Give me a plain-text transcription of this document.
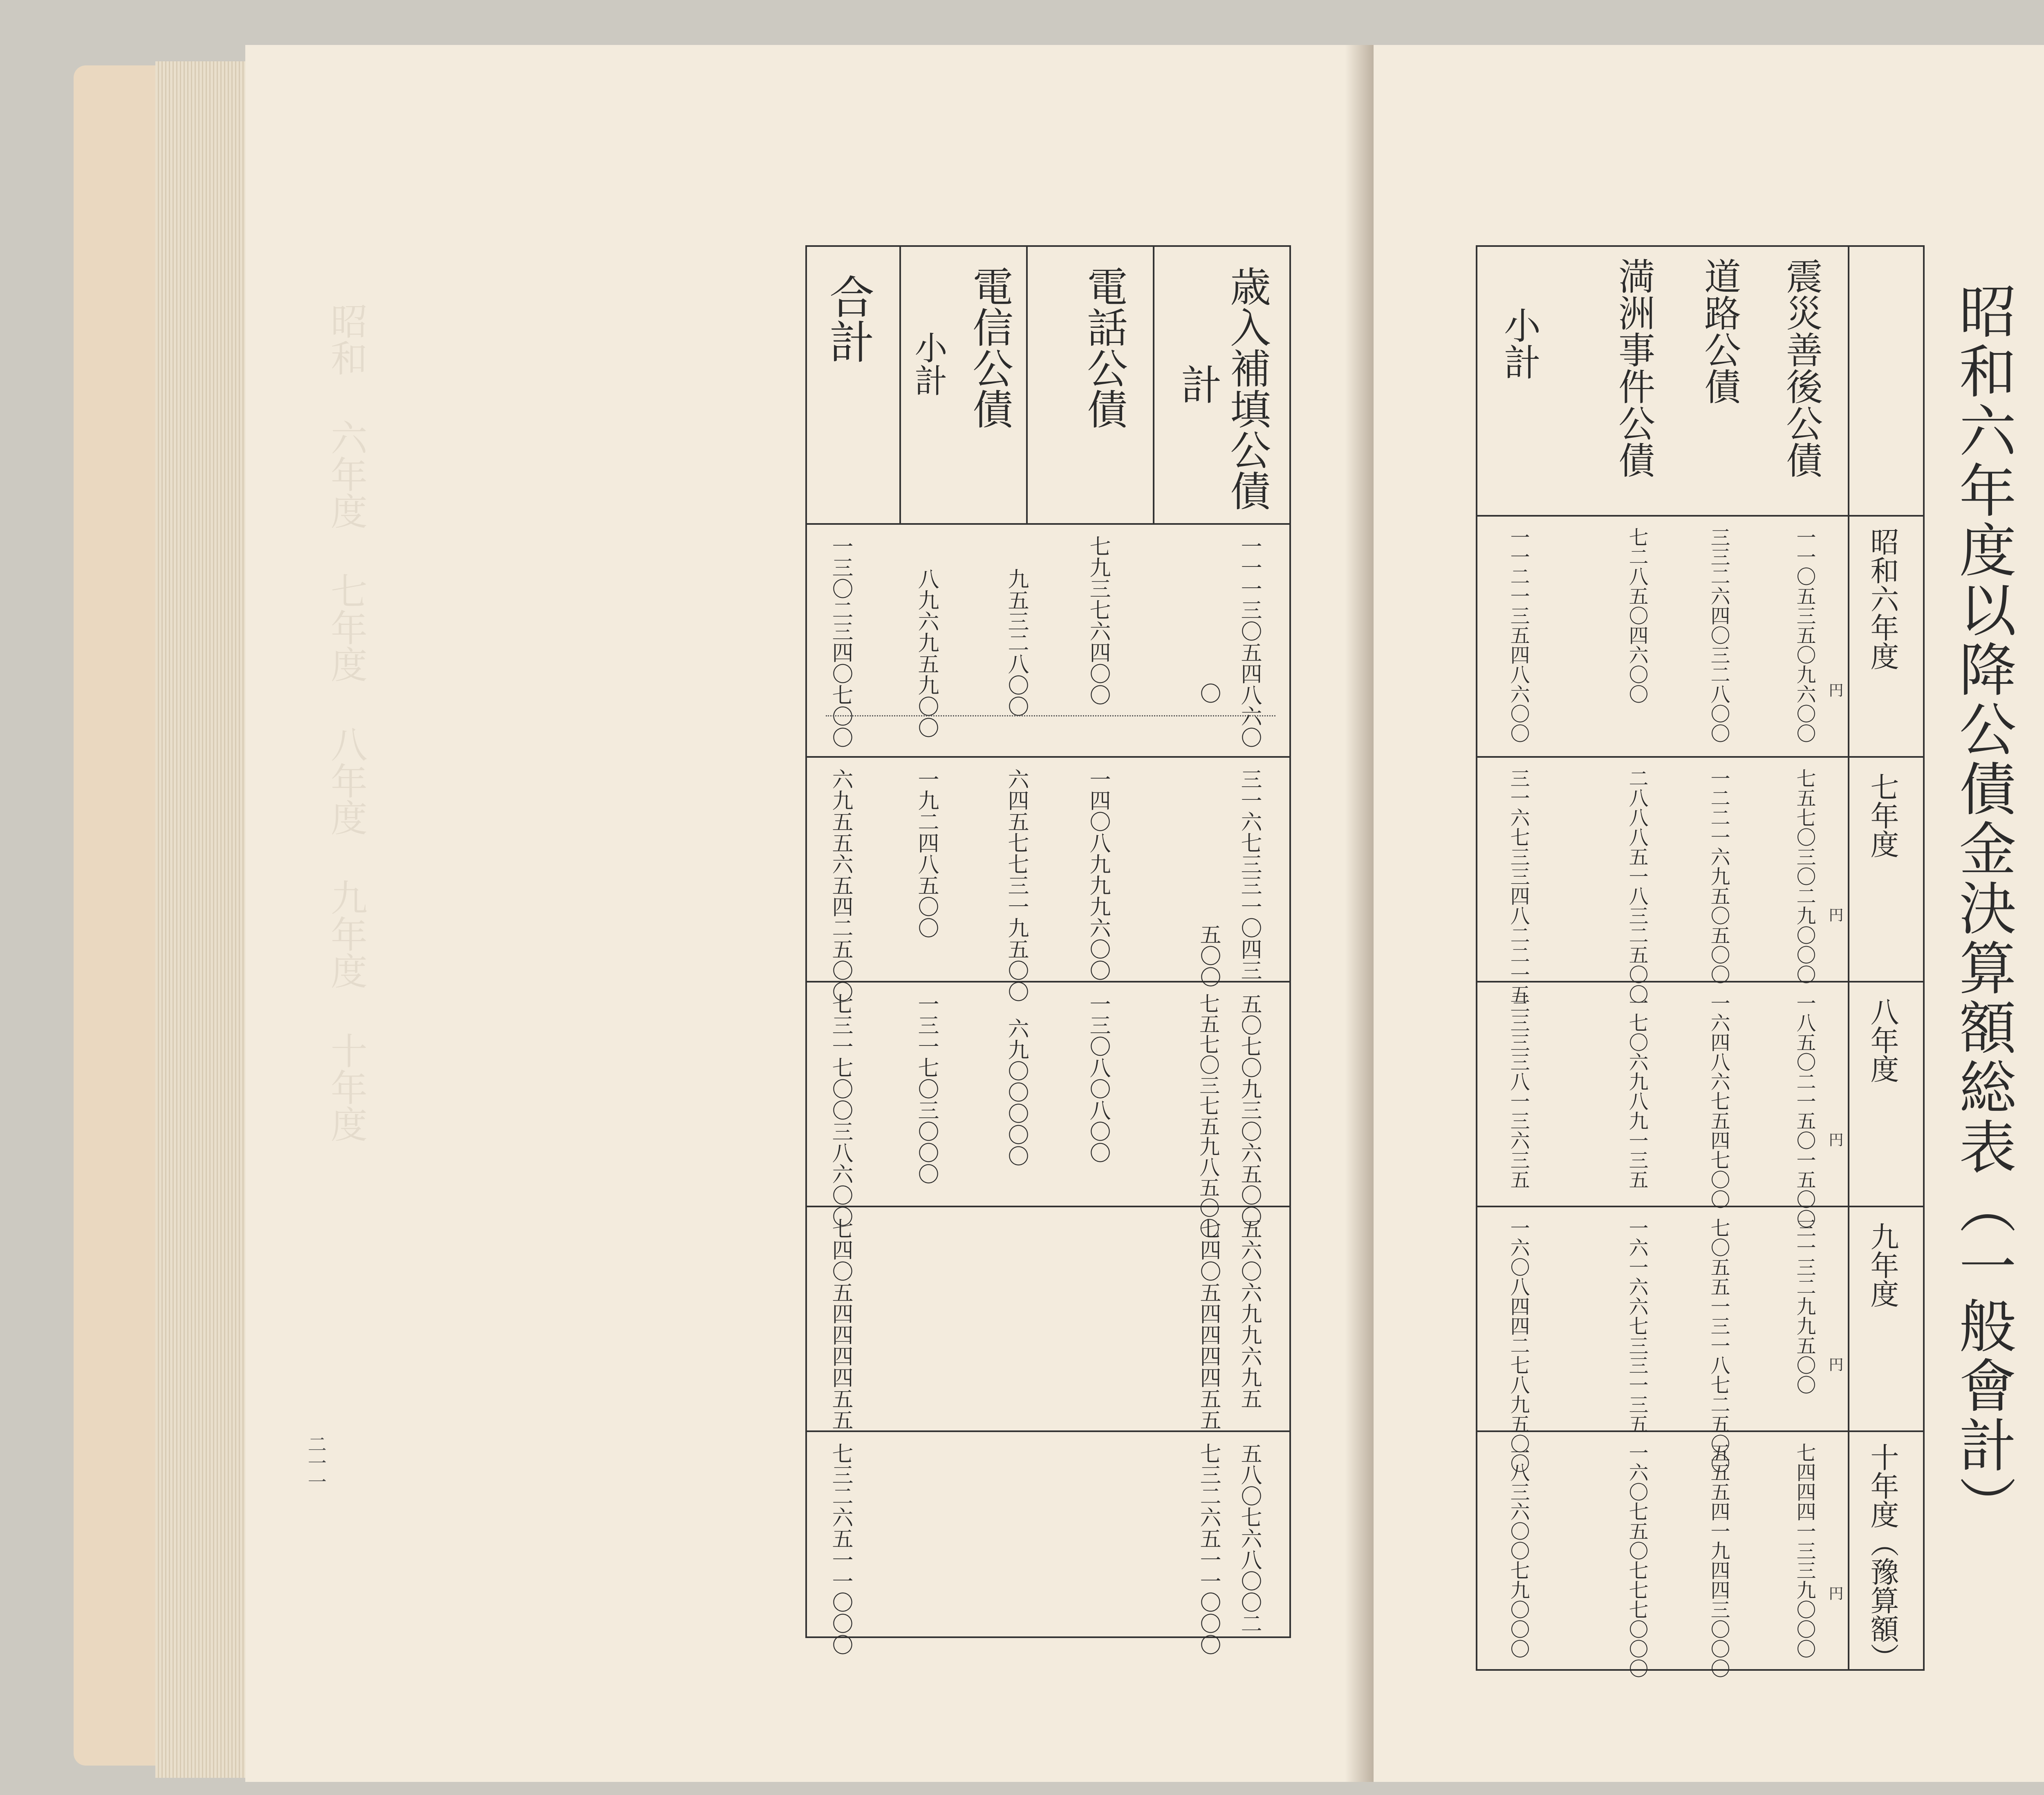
昭和 六年度 七年度 八年度 九年度 十年度	歳入補填公債
計
電話公債
電信公債
小計
合計
一一一三〇五四八六〇
〇
七九三七六四〇〇
九五三二八〇〇
八九六九五九〇〇
一三〇二三四〇七〇〇
三一六七三三一〇四三
五〇〇
一四〇八九九九六〇〇
六四五七七三一九五〇〇
一九二四八五〇〇
六九五五六五四二五〇〇
五〇七〇九三〇六五〇〇
七五七〇三七五九八五〇〇
一三〇八〇八〇〇
六九〇〇〇〇〇
一三一七〇三〇〇〇
七三一七〇〇三八六〇〇
五六〇六九九六九五
七四〇五四四四四五五
七四〇五四四四四五五
五八〇七六八〇〇二
七三二六五一一〇〇〇
七三二六五一一〇〇〇
二一一	昭和六年度以降公債金決算額総表（一般會計）
震災善後公債
道路公債
満洲事件公債
小計
昭和六年度
七年度
八年度
九年度
十年度（豫算額）
円
円
円
円
円
一一〇五三五〇九六〇〇
三三二六四〇三二八〇〇
七二八五〇四六〇〇
一一二一三五四八六〇〇
七五七〇三〇二九〇〇〇
一二二一六九五〇五〇〇
二八八八五一八三二五〇〇
三一六七三三四八二二一五
一八五〇二一五〇一五〇〇
一六四八六七五四七〇〇
一七〇六九八九一三五
三三三三八一三六三五
三一三二九九五〇〇
七〇五五一三一八七二五〇〇
一六一六六七三三一三五
一六〇八四四二七八九五〇〇
七四四四一三三九〇〇〇
五五五四一九四四三〇〇〇
一六〇七五〇七七七〇〇〇
一八三六〇〇七九〇〇〇
